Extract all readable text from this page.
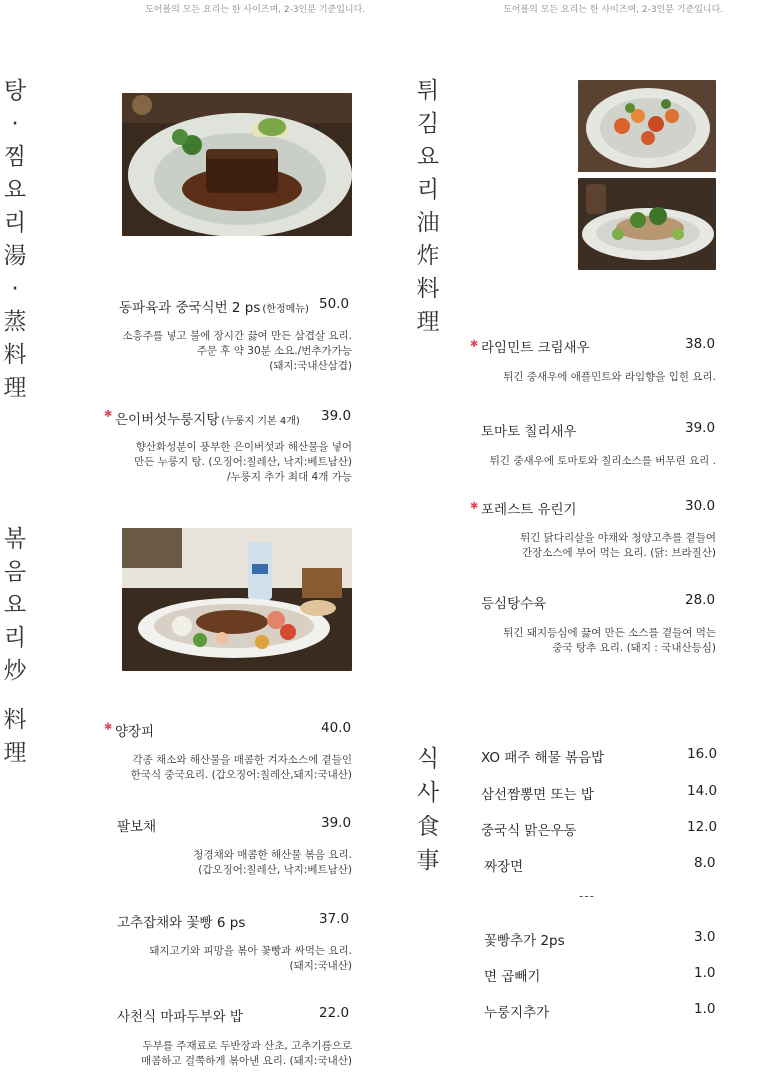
도어볼의 모든 요리는 한 사이즈며, 2-3인분 기준입니다.	도어볼의 모든 요리는 한 사이즈며, 2-3인분 기준입니다.
탕
·
찜
요
리
湯
·
蒸
料
理
튀
김
요
리
油
炸
料
理
볶
음
요
리
炒
料
理	식
사
食
事
동파육과 중국식번 2 ps (한정메뉴) 50.0
소흥주를 넣고 불에 장시간 끓여 만든 삼겹살 요리.
주문 후 약 30분 소요./번추가가능
(돼지:국내산삼겹)
✱ 은이버섯누룽지탕 (누룽지 기본 4개) 39.0
향산화성분이 풍부한 은이버섯과 해산물을 넣어
만든 누룽지 탕. (오징어:칠레산, 낙지:베트남산)
/누룽지 추가 최대 4개 가능
✱ 양장피	40.0
각종 채소와 해산물을 매콤한 겨자소스에 곁들인
한국식 중국요리. (갑오징어:칠레산,돼지:국내산)
팔보채	39.0
청경채와 매콤한 해산물 볶음 요리.
(갑오징어:칠레산, 낙지:베트남산)
고추잡채와 꽃빵 6 ps	37.0
돼지고기와 피망을 볶아 꽃빵과 싸먹는 요리.
(돼지:국내산)
사천식 마파두부와 밥	22.0
두부를 주재료로 두반장과 산초, 고추기름으로
매콤하고 걸쭉하게 볶아낸 요리. (돼지:국내산)
✱ 라임민트 크림새우	38.0
튀긴 중새우에 애플민트와 라임향을 입힌 요리.
토마토 칠리새우	39.0
튀긴 중새우에 토마토와 칠리소스를 버무린 요리 .
✱ 포레스트 유린기	30.0
튀긴 닭다리살을 야채와 청양고추를 곁들여
간장소스에 부어 먹는 요리. (닭: 브라질산)
등심탕수육	28.0
튀긴 돼지등심에 끓여 만든 소스를 곁들여 먹는
중국 탕추 요리. (돼지 : 국내산등심)
XO 패주 해물 볶음밥	16.0
삼선짬뽕면 또는 밥	14.0
중국식 맑은우동	12.0
짜장면	8.0
---
꽃빵추가 2ps	3.0
면 곱빼기	1.0
누룽지추가	1.0
